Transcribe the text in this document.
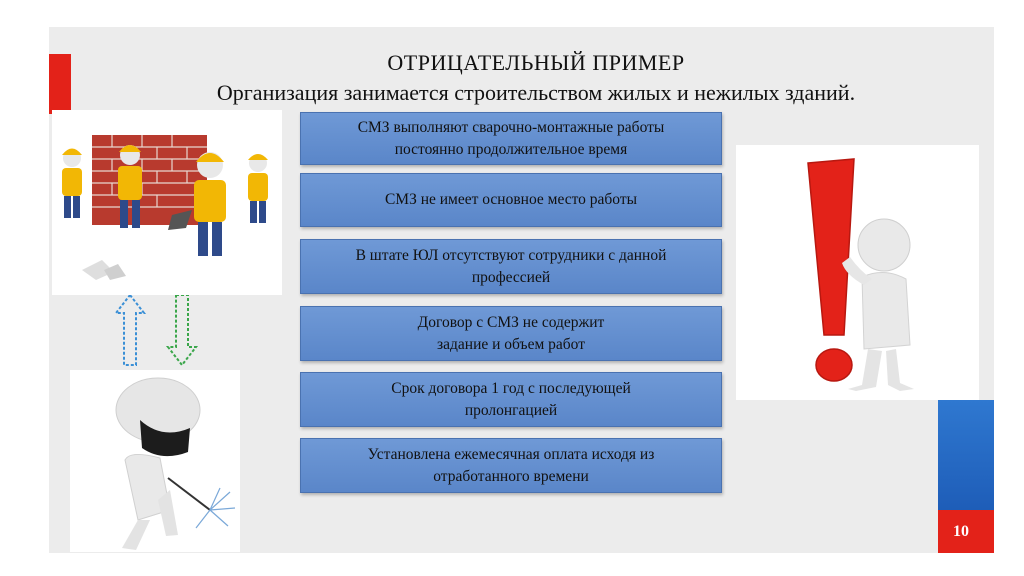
ОТРИЦАТЕЛЬНЫЙ ПРИМЕР
Организация занимается строительством жилых и нежилых зданий.
СМЗ выполняют сварочно-монтажные работы
постоянно продолжительное время
СМЗ не имеет основное место работы
В штате ЮЛ отсутствуют сотрудники с данной
профессией
Договор с СМЗ не содержит
задание и объем работ
Срок договора 1 год с последующей
пролонгацией
Установлена ежемесячная оплата исходя из
отработанного времени
10
